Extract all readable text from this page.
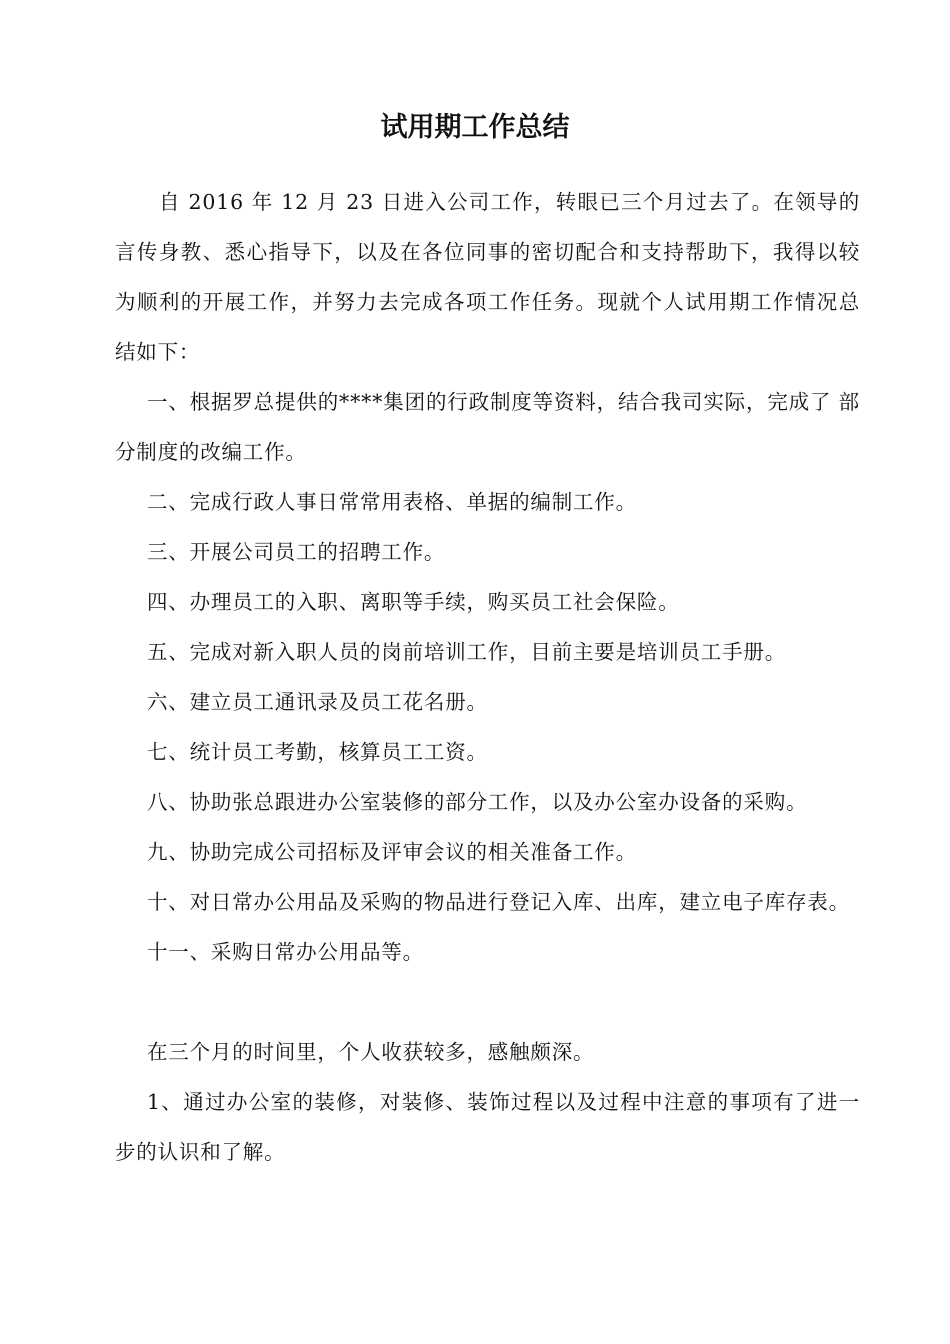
试用期工作总结

自 2016 年 12 月 23 日进入公司工作，转眼已三个月过去了。在领导的言传身教、悉心指导下，以及在各位同事的密切配合和支持帮助下，我得以较为顺利的开展工作，并努力去完成各项工作任务。现就个人试用期工作情况总结如下：

一、根据罗总提供的****集团的行政制度等资料，结合我司实际，完成了 部分制度的改编工作。

二、完成行政人事日常常用表格、单据的编制工作。

三、开展公司员工的招聘工作。

四、办理员工的入职、离职等手续，购买员工社会保险。

五、完成对新入职人员的岗前培训工作，目前主要是培训员工手册。

六、建立员工通讯录及员工花名册。

七、统计员工考勤，核算员工工资。

八、协助张总跟进办公室装修的部分工作，以及办公室办设备的采购。

九、协助完成公司招标及评审会议的相关准备工作。

十、对日常办公用品及采购的物品进行登记入库、出库，建立电子库存表。

十一、采购日常办公用品等。

在三个月的时间里，个人收获较多，感触颇深。

1、通过办公室的装修，对装修、装饰过程以及过程中注意的事项有了进一步的认识和了解。
